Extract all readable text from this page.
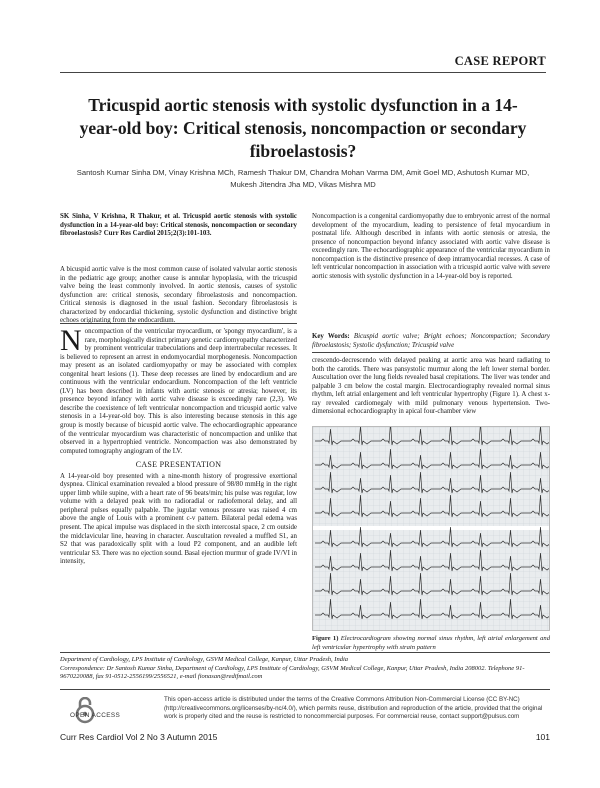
CASE REPORT
Tricuspid aortic stenosis with systolic dysfunction in a 14-year-old boy: Critical stenosis, noncompaction or secondary fibroelastosis?
Santosh Kumar Sinha DM, Vinay Krishna MCh, Ramesh Thakur DM, Chandra Mohan Varma DM, Amit Goel MD, Ashutosh Kumar MD, Mukesh Jitendra Jha MD, Vikas Mishra MD
SK Sinha, V Krishna, R Thakur, et al. Tricuspid aortic stenosis with systolic dysfunction in a 14-year-old boy: Critical stenosis, noncompaction or secondary fibroelastosis? Curr Res Cardiol 2015;2(3):101-103.
A bicuspid aortic valve is the most common cause of isolated valvular aortic stenosis in the pediatric age group; another cause is annular hypoplasia, with the tricuspid valve being the least commonly involved. In aortic stenosis, causes of systolic dysfunction are: critical stenosis, secondary fibroelastosis and noncompaction. Critical stenosis is diagnosed in the usual fashion. Secondary fibroelastosis is characterized by endocardial thickening, systolic dysfunction and distinctive bright echoes originating from the endocardium.

Noncompaction of the ventricular myocardium, or 'spongy myocardium', is a rare, morphologically distinct primary genetic cardiomyopathy characterized by prominent ventricular trabeculations and deep intertrabecular recesses. It is believed to represent an arrest in endomyocardial morphogenesis. Noncompaction may present as an isolated cardiomyopathy or may be associated with complex congenital heart lesions (1). These deep recesses are lined by endocardium and are continuous with the ventricular endocardium. Noncompaction of the left ventricle (LV) has been described in infants with aortic stenosis or atresia; however, its presence beyond infancy with aortic valve disease is exceedingly rare (2,3). We describe the coexistence of left ventricular noncompaction and tricuspid aortic valve stenosis in a 14-year-old boy. This is also interesting because stenosis in this age group is mostly because of bicuspid aortic valve. The echocardiographic appearance of the ventricular myocardium was characteristic of noncompaction and unlike that observed in a hypertrophied ventricle. Noncompaction was also demonstrated by computed tomography angiogram of the LV.

CASE PRESENTATION

A 14-year-old boy presented with a nine-month history of progressive exertional dyspnea. Clinical examination revealed a blood pressure of 98/80 mmHg in the right upper limb while supine, with a heart rate of 96 beats/min; his pulse was regular, low volume with a delayed peak with no radioradial or radiofemoral delay, and all peripheral pulses equally palpable. The jugular venous pressure was raised 4 cm above the angle of Louis with a prominent c-v pattern. Bilateral pedal edema was present. The apical impulse was displaced in the sixth intercostal space, 2 cm outside the midclavicular line, heaving in character. Auscultation revealed a muffled S1, an S2 that was paradoxically split with a loud P2 component, and an audible left ventricular S3. There was no ejection sound. Basal ejection murmur of grade IV/VI in intensity,

Noncompaction is a congenital cardiomyopathy due to embryonic arrest of the normal development of the myocardium, leading to persistence of fetal myocardium in postnatal life. Although described in infants with aortic stenosis or atresia, the presence of noncompaction beyond infancy associated with aortic valve disease is exceedingly rare. The echocardiographic appearance of the ventricular myocardium in noncompaction is the distinctive presence of deep intramyocardial recesses. A case of left ventricular noncompaction in association with a tricuspid aortic valve with severe aortic stenosis with systolic dysfunction in a 14-year-old boy is reported.
Key Words: Bicuspid aortic valve; Bright echoes; Noncompaction; Secondary fibroelastosis; Systolic dysfunction; Tricuspid valve
crescendo-decrescendo with delayed peaking at aortic area was heard radiating to both the carotids. There was pansystolic murmur along the left lower sternal border. Auscultation over the lung fields revealed basal crepitations. The liver was tender and palpable 3 cm below the costal margin. Electrocardiography revealed normal sinus rhythm, left atrial enlargement and left ventricular hypertrophy (Figure 1). A chest x-ray revealed cardiomegaly with mild pulmonary venous hypertension. Two-dimensional echocardiography in apical four-chamber view
Figure 1) Electrocardiogram showing normal sinus rhythm, left atrial enlargement and left ventricular hypertrophy with strain pattern
Department of Cardiology, LPS Institute of Cardiology, GSVM Medical College, Kanpur, Uttar Pradesh, India
Correspondence: Dr Santosh Kumar Sinha, Department of Cardiology, LPS Institute of Cardiology, GSVM Medical College, Kanpur, Uttar Pradesh, India 208002. Telephone 91-9670220088, fax 91-0512-2556199/2556521, e-mail fionasan@redifmail.com
OPEN ACCESS
This open-access article is distributed under the terms of the Creative Commons Attribution Non-Commercial License (CC BY-NC) (http://creativecommons.org/licenses/by-nc/4.0/), which permits reuse, distribution and reproduction of the article, provided that the original work is properly cited and the reuse is restricted to noncommercial purposes. For commercial reuse, contact support@pulsus.com
Curr Res Cardiol Vol 2 No 3 Autumn 2015	101
